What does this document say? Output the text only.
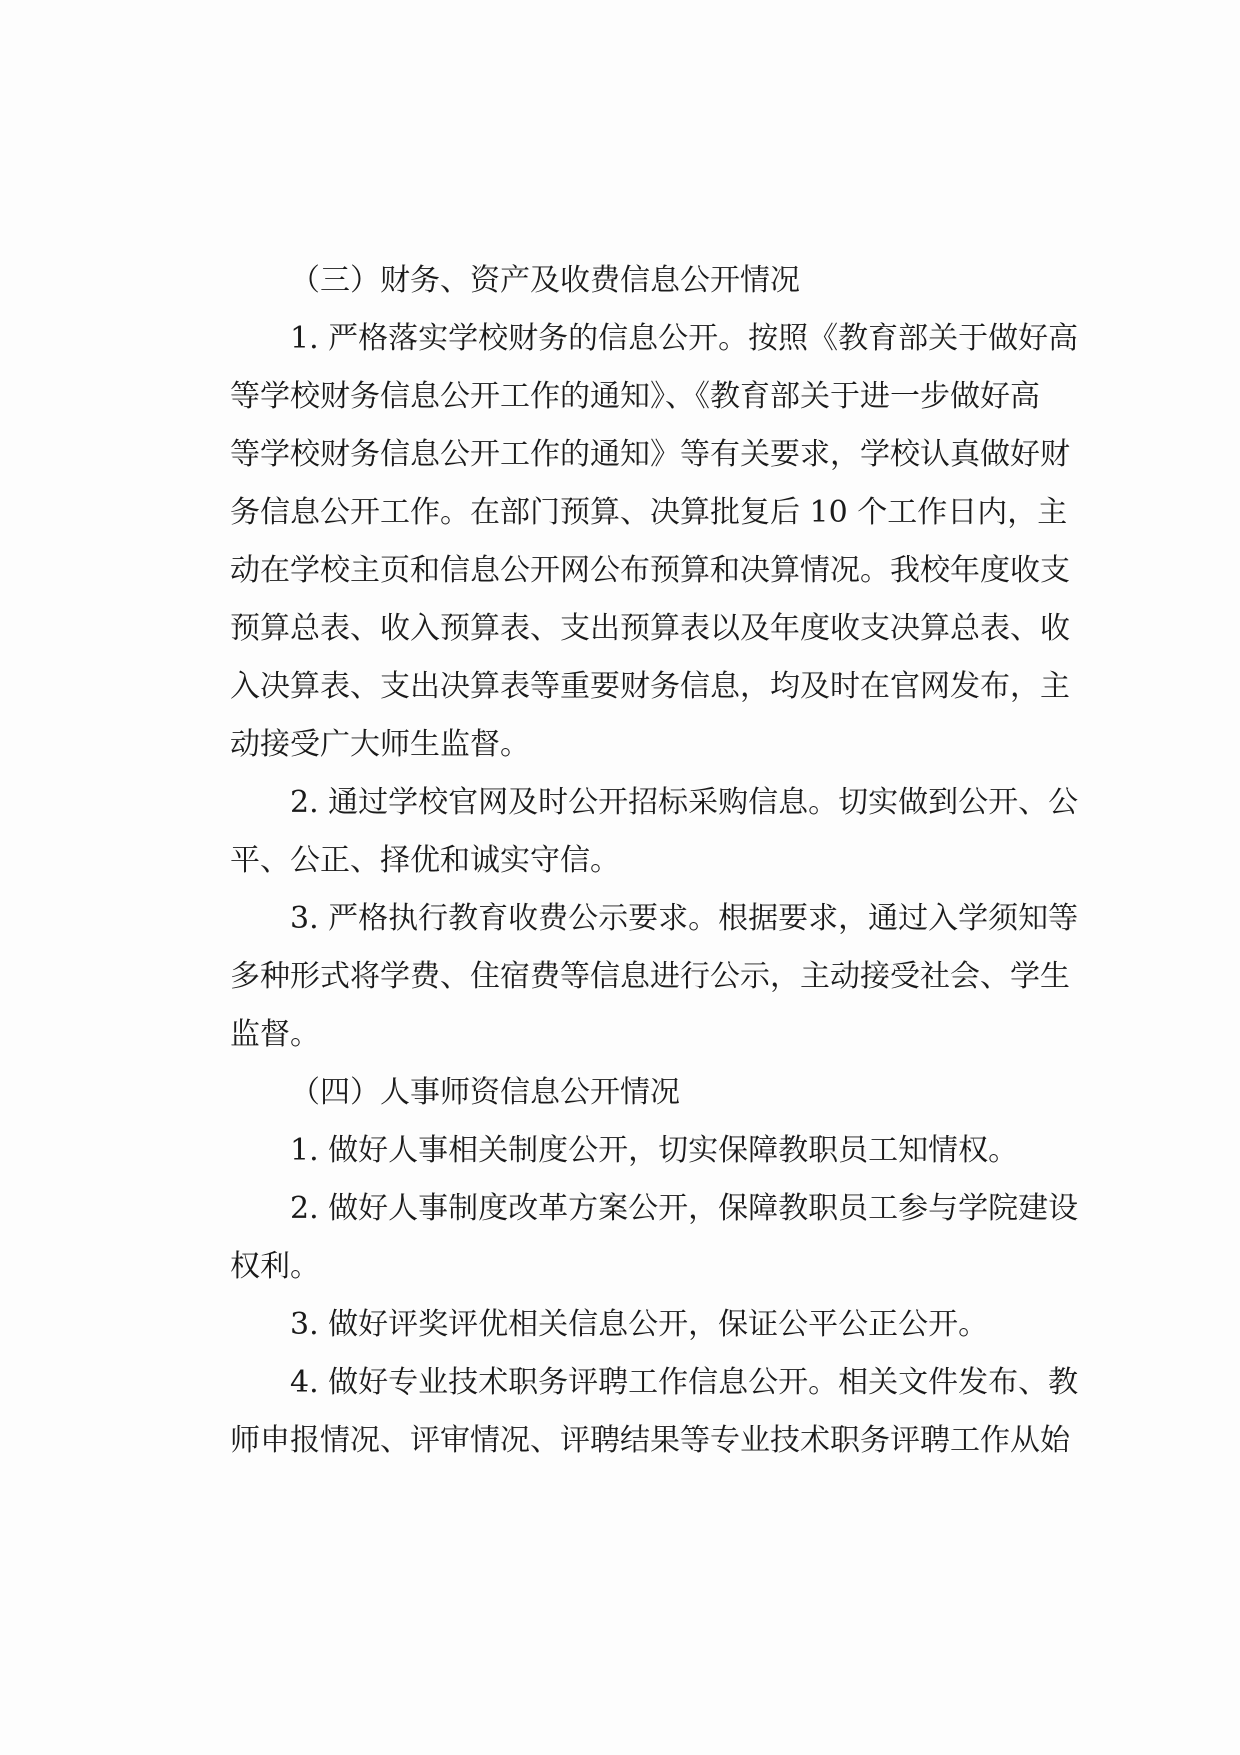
（三）财务、资产及收费信息公开情况
1. 严格落实学校财务的信息公开。按照《教育部关于做好高
等学校财务信息公开工作的通知》、《教育部关于进一步做好高
等学校财务信息公开工作的通知》等有关要求，学校认真做好财
务信息公开工作。在部门预算、决算批复后 10 个工作日内，主
动在学校主页和信息公开网公布预算和决算情况。我校年度收支
预算总表、收入预算表、支出预算表以及年度收支决算总表、收
入决算表、支出决算表等重要财务信息，均及时在官网发布，主
动接受广大师生监督。
2. 通过学校官网及时公开招标采购信息。切实做到公开、公
平、公正、择优和诚实守信。
3. 严格执行教育收费公示要求。根据要求，通过入学须知等
多种形式将学费、住宿费等信息进行公示，主动接受社会、学生
监督。
（四）人事师资信息公开情况
1. 做好人事相关制度公开，切实保障教职员工知情权。
2. 做好人事制度改革方案公开，保障教职员工参与学院建设
权利。
3. 做好评奖评优相关信息公开，保证公平公正公开。
4. 做好专业技术职务评聘工作信息公开。相关文件发布、教
师申报情况、评审情况、评聘结果等专业技术职务评聘工作从始
